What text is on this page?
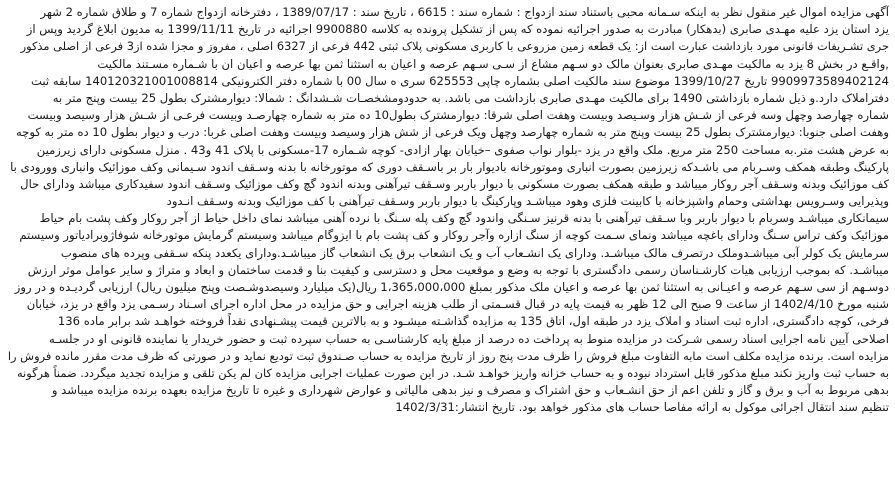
آگهی مزایده اموال غیر منقول نظر به اینکه سـمانه محبی باستناد سند ازدواج : شماره سند : 6615 ، تاریخ سند : 1389/07/17 ، دفترخانه ازدواج شماره 7 و طلاق شماره 2 شهر
یزد استان یزد علیه مهـدی صابری (بدهکار) مبادرت به صدور اجرائیه نموده که پس از تشکیل پرونده به کلاسه 9900880 اجرائیه در تاریخ 1399/11/11 به مدیون ابلاغ گردید وپس از
جری تشـریفات قانونی مورد بازداشت عبارت است از: یک قطعه زمین مزروعی با کاربری مسکونی پلاک ثبتی 442 فرعی از 6327 اصلی ، مفروز و مجزا شده از3 فرعی از اصلی مذکور
,واقـع در بخش 8 یزد به مالکیت مهـدی صابری بعنوان مالک دو سـهم مشاع از سـی سـهم عرصه و اعیان به استثنا ثمن بها عرصه و اعیان ان با شـماره مسـتند مالکیت
9909973589402124 تاریخ 1399/10/27 موضوع سند مالکیت اصلی بشماره چاپی 625553 سری ه سال 00 با شماره دفتر الکترونیکی 140120321001008814 سابقه ثبت
دفتراملاک دارد.و ذیل شماره بازداشتی 1490 برای مالکیت مهـدی صابری بازداشت می باشد. به حدودومشخصـات شـشدانگ : شمالا: دیوارمشترک بطول 25 بیست وپنج متر به
شماره چهارصد وچهل وسه فرعی از شـش هزار وسـیصد وبیست وهفت اصلی شرقا: دیوارمشترک بطول10 ده متر به شماره چهارصـد وبیست فرعـی از شـش هزار وسیصد وبیست
وهفت اصلی جنوبا: دیوارمشترک بطول 25 بیست وپنج متر به شماره چهارصد وچهل ویک فرعی از شش هزار وسیصد وبیست وهفت اصلی غربا: درب و دیوار بطول 10 ده متر به کوچه
به عرض هشت متر.به مساحت 250 متر مربع. ملک واقع در یزد -بلوار نواب صفوی –خیابان بهار ازادی- کوچه شـماره 17-مسکونی با پلاک 41 و43 . منزل مسکونی دارای زیرزمین
پارکینگ وطبقه همکف وسـربام می باشـدکه زیرزمین بصورت انباری وموتورخانه بادیوار بار بر باسـقف دوری که موتورخانه با بدنه وسـقف اندود سـیمانی وکف موزائیک وانباری وورودی با
کف موزائیک وبدنه وسـقف آجر روکار میباشد و طبقه همکف بصورت مسکونی با دیوار باربر وسـقف تیرآهنی وبدنه اندود گچ وکف موزائیک وسـقف اندود سفیدکاری میباشد ودارای حال
وپذیرایی وسـرویس بهداشتی وحمام واشپزخانه با کابینت فلزی وهود میباشـد وپارکینگ با دیوار باربر وسـقف تیرآهنی با کف موزائیک وبدنه وسـقف انـدود
سیمانکاری میباشـد وسربام با دیوار باربر وبا سـقف تیرآهنی با بدنه قرنیز سـنگی واندود گچ وکف پله سـنگ با نرده آهنی میباشد نمای داخل حیاط از آجر روکار وکف پشت بام حیاط
موزائیک وکف تراس سـنگ ودارای باغچه میباشد ونمای سـمت کوچه از سنگ ازاره وآجر روکار و کف پشت بام با ایزوگام میباشد وسیستم گرمایش موتورخانه شوفاژوبرادیاتور وسیستم
سرمایش یک کولر آبی میباشـدوملک درتصرف مالک میباشـد. ودارای یک انشـعاب آب و یک انشعاب برق یک انشعاب گاز میباشـد.ودارای یکعدد پنکه سـقفی وپرده های منصوب
میباشـد. که بموجب ارزیابی هیات کارشـناسان رسمی دادگستری با توجه به وضع و موقعیت محل و دسترسی و کیفیت بنا و قدمت ساختمان و ابعاد و متراژ و سایر عوامل موثر ارزش
دوسـهم از سی سـهم عرصه و اعیـانی به استثنا ثمن بها عرصه و اعیان ملک مذکور بمبلغ 1،365،000،000 ریال(یک میلیارد وسیصدوشـصت وپنج میلیون ریال) ارزیابی گردیـده و در روز
شنبه مورخ 1402/4/10 از ساعت 9 صبح الی 12 ظهر به قیمت پایه در قبال قسـمتی از طلب هزینه اجرایی و حق مزایده در محل اداره اجرای اسـناد رسـمی یزد واقع در یزد، خیابان
فرخی، کوچه دادگستری، اداره ثبت اسناد و املاک یزد در طبقه اول، اتاق 135 به مزایده گذاشـته میشـود و به بالاترین قیمت پیشـنهادی نقداً فروخته خواهـد شد برابر ماده 136
اصلاحی آیین نامه اجرایی اسناد رسمی شـرکت در مزایده منوط به پرداخت ده درصد از مبلغ پایه کارشناسـی به حساب سپرده ثبت و حضور خریدار یا نماینده قانونی او در جلسـه
مزایده است. برنده مزایده مکلف است مابه التفاوت مبلغ فروش را ظرف مدت پنج روز از تاریخ مزایده به حساب صـندوق ثبت تودیع نماید و در صورتی که ظرف مدت مقرر مانده فروش را
به حساب ثبت واریز نکند مبلغ مذکور قابل استرداد نبوده و به حساب خزانه واریز خواهـد شـد. در این صورت عملیات اجرایی مزایده کان لم یکن تلقی و مزایده تجدید میگردد. ضمناً هرگونه
بدهی مربوط به آب و برق و گاز و تلفن اعم از حق انشـعاب و حق اشتراک و مصرف و نیز بدهی مالیاتی و عوارض شهرداری و غیره تا تاریخ مزایده بعهده برنده مزایده میباشد و
تنظیم سند انتقال اجرائی موکول به ارائه مفاصا حساب های مذکور خواهد بود. تاریخ انتشار:1402/3/31
